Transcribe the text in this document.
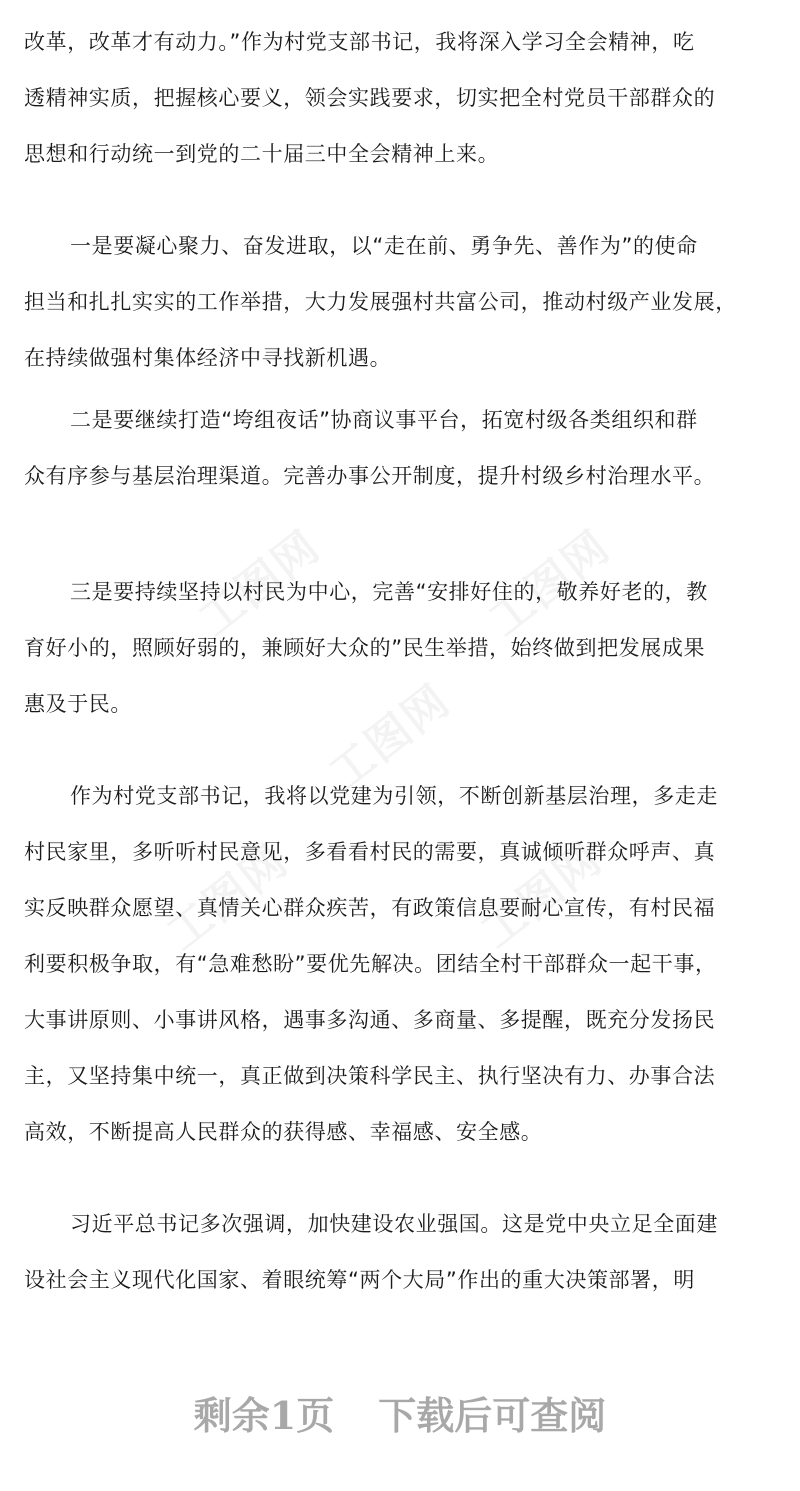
工图网	工图网
工图网
工图网	工图网
改革，改革才有动力。”作为村党支部书记，我将深入学习全会精神，吃
透精神实质，把握核心要义，领会实践要求，切实把全村党员干部群众的
思想和行动统一到党的二十届三中全会精神上来。
一是要凝心聚力、奋发进取，以“走在前、勇争先、善作为”的使命
担当和扎扎实实的工作举措，大力发展强村共富公司，推动村级产业发展，
在持续做强村集体经济中寻找新机遇。
二是要继续打造“垮组夜话”协商议事平台，拓宽村级各类组织和群
众有序参与基层治理渠道。完善办事公开制度，提升村级乡村治理水平。
三是要持续坚持以村民为中心，完善“安排好住的，敬养好老的，教
育好小的，照顾好弱的，兼顾好大众的”民生举措，始终做到把发展成果
惠及于民。
作为村党支部书记，我将以党建为引领，不断创新基层治理，多走走
村民家里，多听听村民意见，多看看村民的需要，真诚倾听群众呼声、真
实反映群众愿望、真情关心群众疾苦，有政策信息要耐心宣传，有村民福
利要积极争取，有“急难愁盼”要优先解决。团结全村干部群众一起干事，
大事讲原则、小事讲风格，遇事多沟通、多商量、多提醒，既充分发扬民
主，又坚持集中统一，真正做到决策科学民主、执行坚决有力、办事合法
高效，不断提高人民群众的获得感、幸福感、安全感。
习近平总书记多次强调，加快建设农业强国。这是党中央立足全面建
设社会主义现代化国家、着眼统筹“两个大局”作出的重大决策部署，明
剩余1页 下载后可查阅
